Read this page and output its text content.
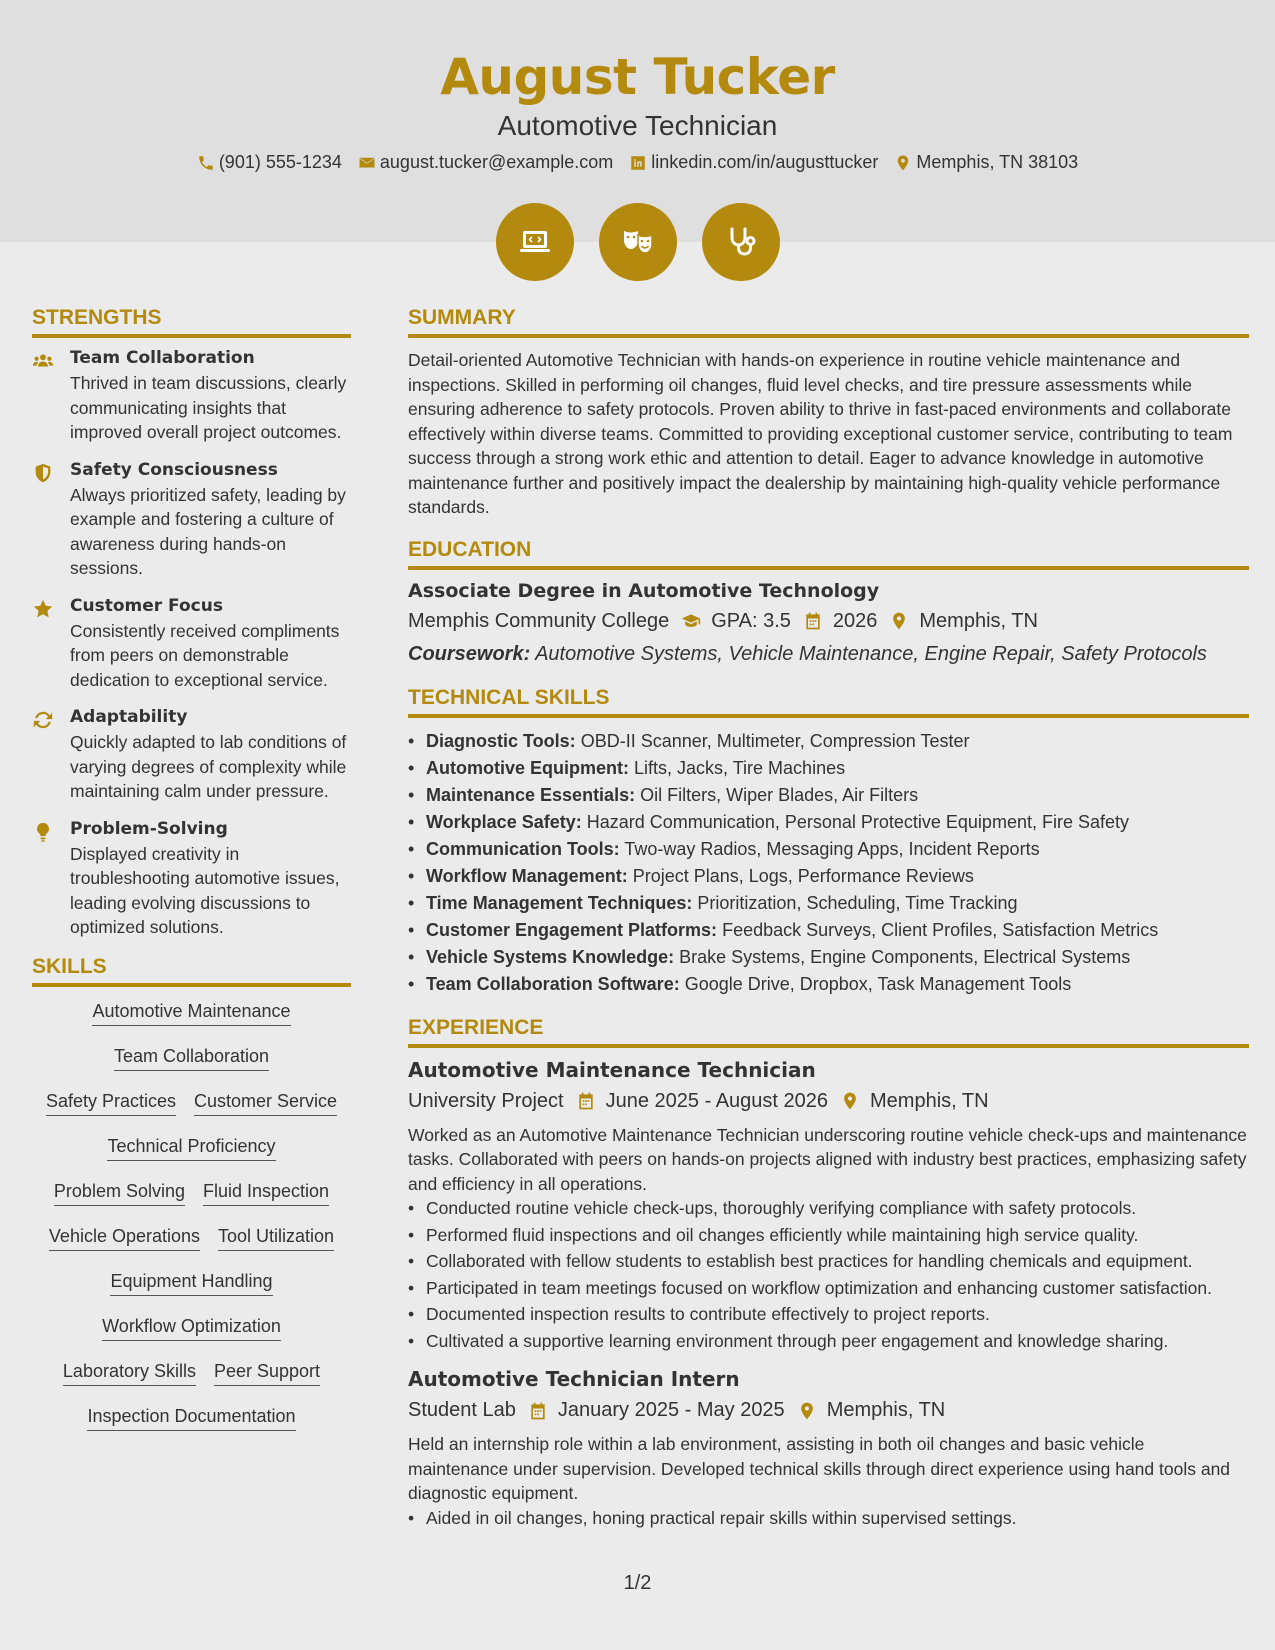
August Tucker
Automotive Technician
(901) 555-1234 august.tucker@example.com linkedin.com/in/augusttucker Memphis, TN 38103
STRENGTHS
Team Collaboration
Thrived in team discussions, clearly communicating insights that improved overall project outcomes.
Safety Consciousness
Always prioritized safety, leading by example and fostering a culture of awareness during hands-on sessions.
Customer Focus
Consistently received compliments from peers on demonstrable dedication to exceptional service.
Adaptability
Quickly adapted to lab conditions of varying degrees of complexity while maintaining calm under pressure.
Problem-Solving
Displayed creativity in troubleshooting automotive issues, leading evolving discussions to optimized solutions.
SKILLS
Automotive Maintenance
Team Collaboration
Safety Practices Customer Service
Technical Proficiency
Problem Solving Fluid Inspection
Vehicle Operations Tool Utilization
Equipment Handling
Workflow Optimization
Laboratory Skills Peer Support
Inspection Documentation
SUMMARY
Detail-oriented Automotive Technician with hands-on experience in routine vehicle maintenance and inspections. Skilled in performing oil changes, fluid level checks, and tire pressure assessments while ensuring adherence to safety protocols. Proven ability to thrive in fast-paced environments and collaborate effectively within diverse teams. Committed to providing exceptional customer service, contributing to team success through a strong work ethic and attention to detail. Eager to advance knowledge in automotive maintenance further and positively impact the dealership by maintaining high-quality vehicle performance standards.
EDUCATION
Associate Degree in Automotive Technology
Memphis Community College GPA: 3.5 2026 Memphis, TN
Coursework: Automotive Systems, Vehicle Maintenance, Engine Repair, Safety Protocols
TECHNICAL SKILLS
• Diagnostic Tools: OBD-II Scanner, Multimeter, Compression Tester
• Automotive Equipment: Lifts, Jacks, Tire Machines
• Maintenance Essentials: Oil Filters, Wiper Blades, Air Filters
• Workplace Safety: Hazard Communication, Personal Protective Equipment, Fire Safety
• Communication Tools: Two-way Radios, Messaging Apps, Incident Reports
• Workflow Management: Project Plans, Logs, Performance Reviews
• Time Management Techniques: Prioritization, Scheduling, Time Tracking
• Customer Engagement Platforms: Feedback Surveys, Client Profiles, Satisfaction Metrics
• Vehicle Systems Knowledge: Brake Systems, Engine Components, Electrical Systems
• Team Collaboration Software: Google Drive, Dropbox, Task Management Tools
EXPERIENCE
Automotive Maintenance Technician
University Project June 2025 - August 2026 Memphis, TN
Worked as an Automotive Maintenance Technician underscoring routine vehicle check-ups and maintenance tasks. Collaborated with peers on hands-on projects aligned with industry best practices, emphasizing safety and efficiency in all operations.
• Conducted routine vehicle check-ups, thoroughly verifying compliance with safety protocols.
• Performed fluid inspections and oil changes efficiently while maintaining high service quality.
• Collaborated with fellow students to establish best practices for handling chemicals and equipment.
• Participated in team meetings focused on workflow optimization and enhancing customer satisfaction.
• Documented inspection results to contribute effectively to project reports.
• Cultivated a supportive learning environment through peer engagement and knowledge sharing.
Automotive Technician Intern
Student Lab January 2025 - May 2025 Memphis, TN
Held an internship role within a lab environment, assisting in both oil changes and basic vehicle maintenance under supervision. Developed technical skills through direct experience using hand tools and diagnostic equipment.
• Aided in oil changes, honing practical repair skills within supervised settings.
1/2
